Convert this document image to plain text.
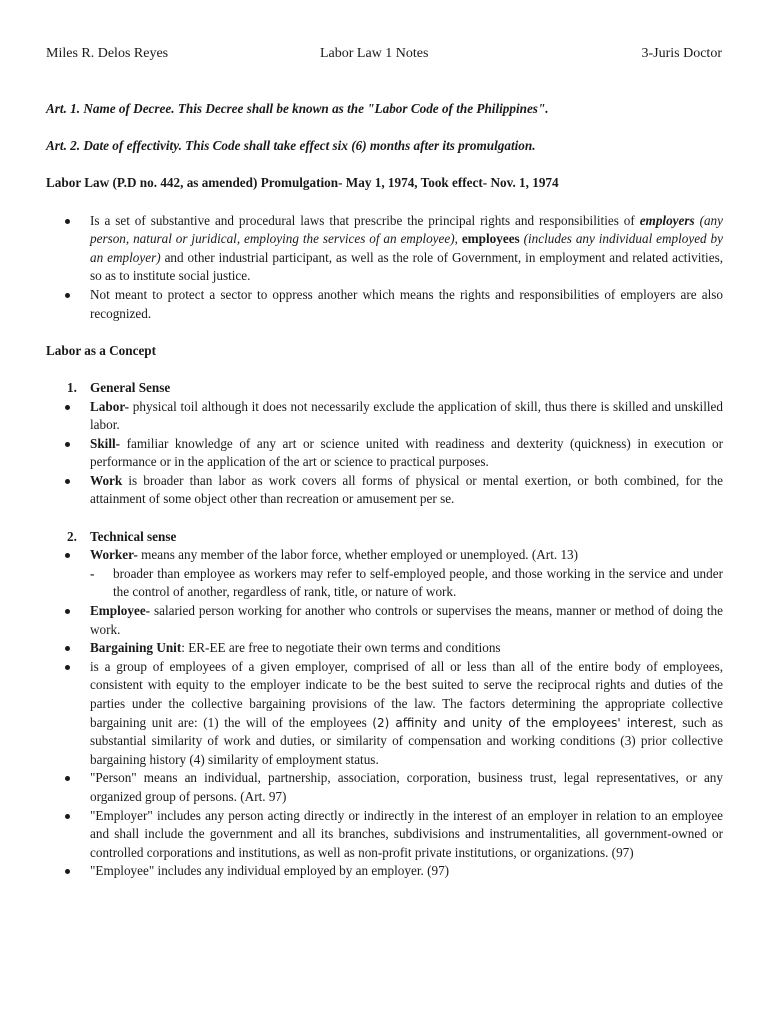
Miles R. Delos Reyes	Labor Law 1 Notes	3-Juris Doctor

Art. 1. Name of Decree. This Decree shall be known as the "Labor Code of the Philippines".

Art. 2. Date of effectivity. This Code shall take effect six (6) months after its promulgation.

Labor Law (P.D no. 442, as amended) Promulgation- May 1, 1974, Took effect- Nov. 1, 1974

Is a set of substantive and procedural laws that prescribe the principal rights and responsibilities of employers (any person, natural or juridical, employing the services of an employee), employees (includes any individual employed by an employer) and other industrial participant, as well as the role of Government, in employment and related activities, so as to institute social justice.
Not meant to protect a sector to oppress another which means the rights and responsibilities of employers are also recognized.

Labor as a Concept

1. General Sense
Labor- physical toil although it does not necessarily exclude the application of skill, thus there is skilled and unskilled labor.
Skill- familiar knowledge of any art or science united with readiness and dexterity (quickness) in execution or performance or in the application of the art or science to practical purposes.
Work is broader than labor as work covers all forms of physical or mental exertion, or both combined, for the attainment of some object other than recreation or amusement per se.
2. Technical sense
Worker- means any member of the labor force, whether employed or unemployed. (Art. 13)
- broader than employee as workers may refer to self-employed people, and those working in the service and under the control of another, regardless of rank, title, or nature of work.
Employee- salaried person working for another who controls or supervises the means, manner or method of doing the work.
Bargaining Unit: ER-EE are free to negotiate their own terms and conditions
is a group of employees of a given employer, comprised of all or less than all of the entire body of employees, consistent with equity to the employer indicate to be the best suited to serve the reciprocal rights and duties of the parties under the collective bargaining provisions of the law. The factors determining the appropriate collective bargaining unit are: (1) the will of the employees (2) affinity and unity of the employees' interest, such as substantial similarity of work and duties, or similarity of compensation and working conditions (3) prior collective bargaining history (4) similarity of employment status.
"Person" means an individual, partnership, association, corporation, business trust, legal representatives, or any organized group of persons. (Art. 97)
"Employer" includes any person acting directly or indirectly in the interest of an employer in relation to an employee and shall include the government and all its branches, subdivisions and instrumentalities, all government-owned or controlled corporations and institutions, as well as non-profit private institutions, or organizations. (97)
"Employee" includes any individual employed by an employer. (97)
